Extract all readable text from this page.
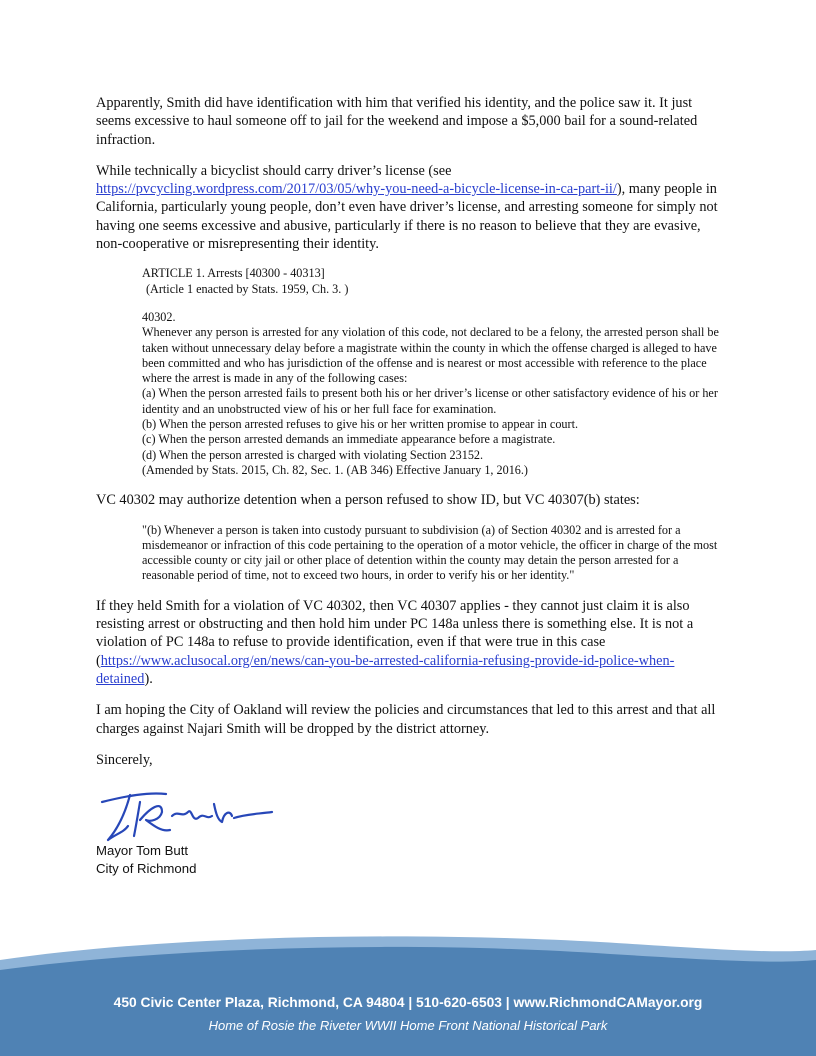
Apparently, Smith did have identification with him that verified his identity, and the police saw it. It just seems excessive to haul someone off to jail for the weekend and impose a $5,000 bail for a sound-related infraction.

While technically a bicyclist should carry driver’s license (see https://pvcycling.wordpress.com/2017/03/05/why-you-need-a-bicycle-license-in-ca-part-ii/), many people in California, particularly young people, don’t even have driver’s license, and arresting someone for simply not having one seems excessive and abusive, particularly if there is no reason to believe that they are evasive, non-cooperative or misrepresenting their identity.

ARTICLE 1. Arrests [40300 - 40313]
(Article 1 enacted by Stats. 1959, Ch. 3. )

40302.
Whenever any person is arrested for any violation of this code, not declared to be a felony, the arrested person shall be taken without unnecessary delay before a magistrate within the county in which the offense charged is alleged to have been committed and who has jurisdiction of the offense and is nearest or most accessible with reference to the place where the arrest is made in any of the following cases:
(a) When the person arrested fails to present both his or her driver’s license or other satisfactory evidence of his or her identity and an unobstructed view of his or her full face for examination.
(b) When the person arrested refuses to give his or her written promise to appear in court.
(c) When the person arrested demands an immediate appearance before a magistrate.
(d) When the person arrested is charged with violating Section 23152.
(Amended by Stats. 2015, Ch. 82, Sec. 1. (AB 346) Effective January 1, 2016.)

VC 40302 may authorize detention when a person refused to show ID, but VC 40307(b) states:

"(b) Whenever a person is taken into custody pursuant to subdivision (a) of Section 40302 and is arrested for a misdemeanor or infraction of this code pertaining to the operation of a motor vehicle, the officer in charge of the most accessible county or city jail or other place of detention within the county may detain the person arrested for a reasonable period of time, not to exceed two hours, in order to verify his or her identity."

If they held Smith for a violation of VC 40302, then VC 40307 applies - they cannot just claim it is also resisting arrest or obstructing and then hold him under PC 148a unless there is something else. It is not a violation of PC 148a to refuse to provide identification, even if that were true in this case (https://www.aclusocal.org/en/news/can-you-be-arrested-california-refusing-provide-id-police-when-detained).

I am hoping the City of Oakland will review the policies and circumstances that led to this arrest and that all charges against Najari Smith will be dropped by the district attorney.

Sincerely,

Mayor Tom Butt
City of Richmond
450 Civic Center Plaza, Richmond, CA 94804 | 510-620-6503 | www.RichmondCAMayor.org
Home of Rosie the Riveter WWII Home Front National Historical Park
